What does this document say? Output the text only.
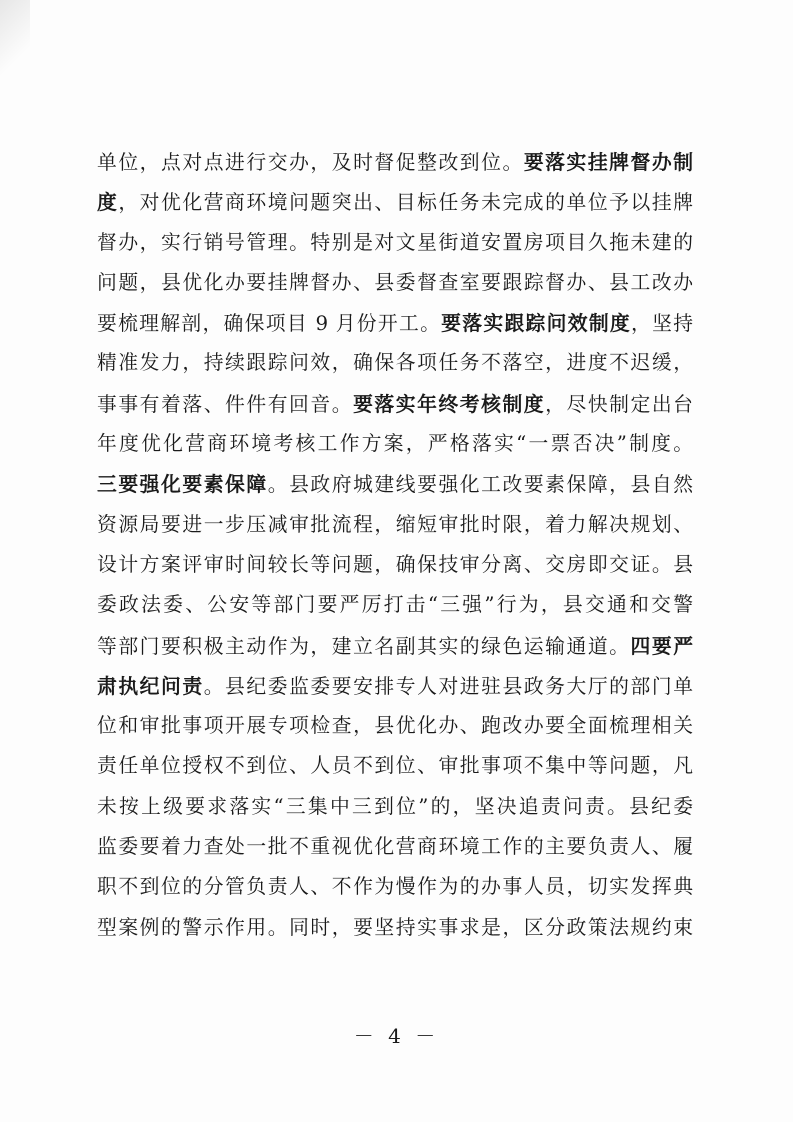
单位，点对点进行交办，及时督促整改到位。要落实挂牌督办制
度，对优化营商环境问题突出、目标任务未完成的单位予以挂牌
督办，实行销号管理。特别是对文星街道安置房项目久拖未建的
问题，县优化办要挂牌督办、县委督查室要跟踪督办、县工改办
要梳理解剖，确保项目 9 月份开工。要落实跟踪问效制度，坚持
精准发力，持续跟踪问效，确保各项任务不落空，进度不迟缓，
事事有着落、件件有回音。要落实年终考核制度，尽快制定出台
年度优化营商环境考核工作方案，严格落实“一票否决”制度。
三要强化要素保障。县政府城建线要强化工改要素保障，县自然
资源局要进一步压减审批流程，缩短审批时限，着力解决规划、
设计方案评审时间较长等问题，确保技审分离、交房即交证。县
委政法委、公安等部门要严厉打击“三强”行为，县交通和交警
等部门要积极主动作为，建立名副其实的绿色运输通道。四要严
肃执纪问责。县纪委监委要安排专人对进驻县政务大厅的部门单
位和审批事项开展专项检查，县优化办、跑改办要全面梳理相关
责任单位授权不到位、人员不到位、审批事项不集中等问题，凡
未按上级要求落实“三集中三到位”的，坚决追责问责。县纪委
监委要着力查处一批不重视优化营商环境工作的主要负责人、履
职不到位的分管负责人、不作为慢作为的办事人员，切实发挥典
型案例的警示作用。同时，要坚持实事求是，区分政策法规约束
－ 4 －
